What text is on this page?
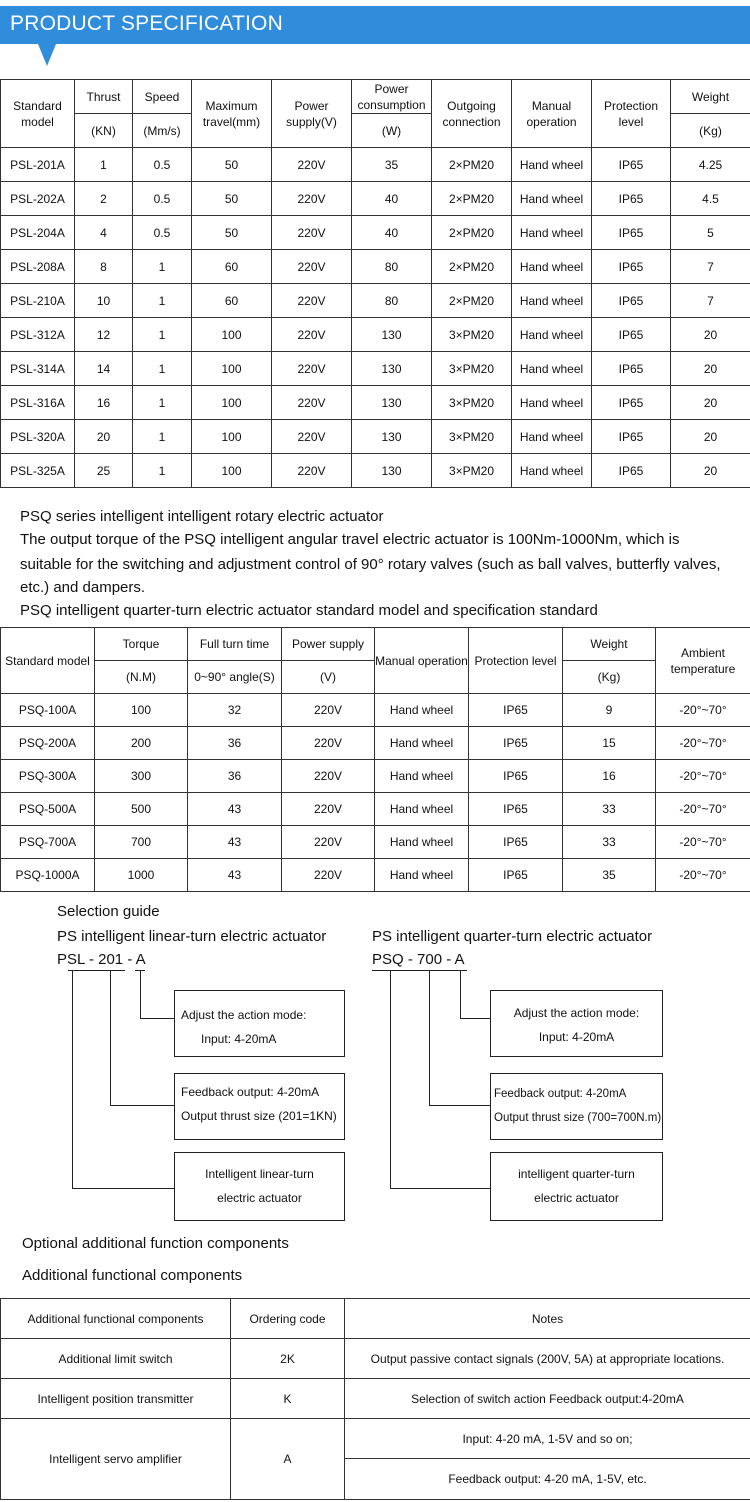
PRODUCT SPECIFICATION
Standard model	Thrust	Speed	Maximum travel(mm)	Power supply(V)	Power consumption	Outgoing connection	Manual operation	Protection level	Weight
	(KN)	(Mm/s)			(W)				(Kg)
PSL-201A	1	0.5	50	220V	35	2×PM20	Hand wheel	IP65	4.25
PSL-202A	2	0.5	50	220V	40	2×PM20	Hand wheel	IP65	4.5
PSL-204A	4	0.5	50	220V	40	2×PM20	Hand wheel	IP65	5
PSL-208A	8	1	60	220V	80	2×PM20	Hand wheel	IP65	7
PSL-210A	10	1	60	220V	80	2×PM20	Hand wheel	IP65	7
PSL-312A	12	1	100	220V	130	3×PM20	Hand wheel	IP65	20
PSL-314A	14	1	100	220V	130	3×PM20	Hand wheel	IP65	20
PSL-316A	16	1	100	220V	130	3×PM20	Hand wheel	IP65	20
PSL-320A	20	1	100	220V	130	3×PM20	Hand wheel	IP65	20
PSL-325A	25	1	100	220V	130	3×PM20	Hand wheel	IP65	20
PSQ series intelligent intelligent rotary electric actuator
The output torque of the PSQ intelligent angular travel electric actuator is 100Nm-1000Nm, which is
suitable for the switching and adjustment control of 90° rotary valves (such as ball valves, butterfly valves,
etc.) and dampers.
PSQ intelligent quarter-turn electric actuator standard model and specification standard
Standard model	Torque	Full turn time	Power supply	Manual operation	Protection level	Weight	Ambient temperature
	(N.M)	0~90° angle(S)	(V)			(Kg)	
PSQ-100A	100	32	220V	Hand wheel	IP65	9	-20°~70°
PSQ-200A	200	36	220V	Hand wheel	IP65	15	-20°~70°
PSQ-300A	300	36	220V	Hand wheel	IP65	16	-20°~70°
PSQ-500A	500	43	220V	Hand wheel	IP65	33	-20°~70°
PSQ-700A	700	43	220V	Hand wheel	IP65	33	-20°~70°
PSQ-1000A	1000	43	220V	Hand wheel	IP65	35	-20°~70°
Selection guide
PS intelligent linear-turn electric actuator
PSL - 201 - A
PS intelligent quarter-turn electric actuator
PSQ - 700 - A
Adjust the action mode:
Input: 4-20mA
Feedback output: 4-20mA
Output thrust size (201=1KN)
Intelligent linear-turn
electric actuator
Adjust the action mode:
Input: 4-20mA
Feedback output: 4-20mA
Output thrust size (700=700N.m)
intelligent quarter-turn
electric actuator
Optional additional function components
Additional functional components
Additional functional components	Ordering code	Notes
Additional limit switch	2K	Output passive contact signals (200V, 5A) at appropriate locations.
Intelligent position transmitter	K	Selection of switch action Feedback output:4-20mA
Intelligent servo amplifier	A	Input: 4-20 mA, 1-5V and so on;
		Feedback output: 4-20 mA, 1-5V, etc.
